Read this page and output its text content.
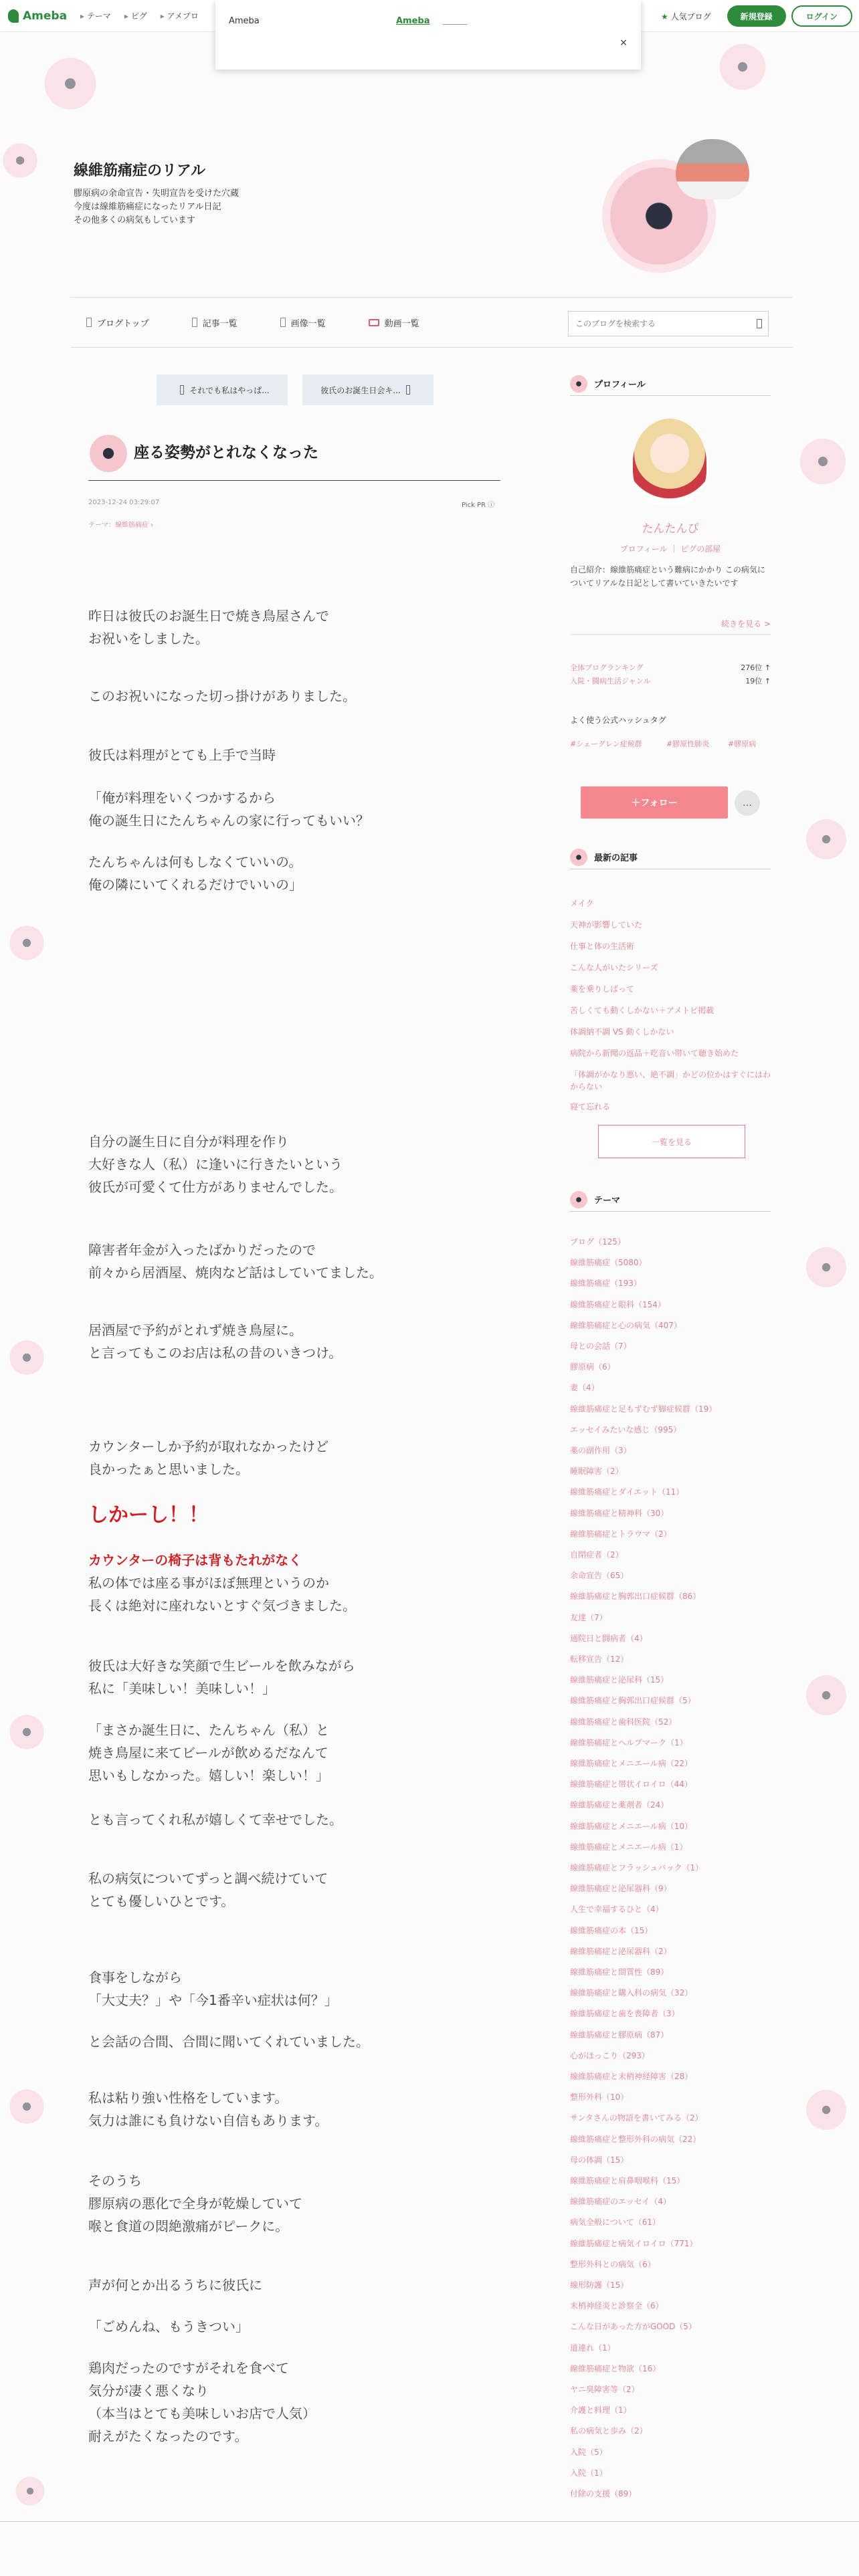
Ameba	▸ テーマ	▸ ピグ	▸ アメブロ	Ameba	Ameba
×
★ 人気ブログ	新規登録	ログイン
線維筋痛症のリアル
膠原病の余命宣告・失明宣告を受けた穴蔵
今度は線維筋痛症になったリアル日記
その他多くの病気もしています
ブログトップ	記事一覧	画像一覧	動画一覧
このブログを検索する
それでも私はやっぱ...	彼氏のお誕生日会キ...
座る姿勢がとれなくなった
2023-12-24 03:29:07	Pick PR ⓘ
テーマ：線維筋痛症 ›
昨日は彼氏のお誕生日で焼き鳥屋さんで
お祝いをしました。
このお祝いになった切っ掛けがありました。
彼氏は料理がとても上手で当時
「俺が料理をいくつかするから
俺の誕生日にたんちゃんの家に行ってもいい？
たんちゃんは何もしなくていいの。
俺の隣にいてくれるだけでいいの」
自分の誕生日に自分が料理を作り
大好きな人（私）に逢いに行きたいという
彼氏が可愛くて仕方がありませんでした。
障害者年金が入ったばかりだったので
前々から居酒屋、焼肉など話はしていてました。
居酒屋で予約がとれず焼き鳥屋に。
と言ってもこのお店は私の昔のいきつけ。
カウンターしか予約が取れなかったけど
良かったぁと思いました。
しかーし！！
カウンターの椅子は背もたれがなく
私の体では座る事がほぼ無理というのか
長くは絶対に座れないとすぐ気づきました。
彼氏は大好きな笑顔で生ビールを飲みながら
私に「美味しい！美味しい！」
「まさか誕生日に、たんちゃん（私）と
焼き鳥屋に来てビールが飲めるだなんて
思いもしなかった。嬉しい！楽しい！」
とも言ってくれ私が嬉しくて幸せでした。
私の病気についてずっと調べ続けていて
とても優しいひとです。
食事をしながら
「大丈夫？」や「今1番辛い症状は何？」
と会話の合間、合間に聞いてくれていました。
私は粘り強い性格をしています。
気力は誰にも負けない自信もあります。
そのうち
膠原病の悪化で全身が乾燥していて
喉と食道の悶絶激痛がピークに。
声が何とか出るうちに彼氏に
「ごめんね、もうきつい」
鶏肉だったのですがそれを食べて
気分が凄く悪くなり
（本当はとても美味しいお店で人気）
耐えがたくなったのです。
プロフィール
たんたんぴ
プロフィール ｜ ピグの部屋
自己紹介：線維筋痛症という難病にかかり この病気についてリアルな日記として書いていきたいです
続きを見る >
全体ブログランキング	276位 ↑
入院・闘病生活ジャンル	19位 ↑
よく使う公式ハッシュタグ
#シェーグレン症候群	#膠原性肺炎	#膠原病
＋フォロー	…
最新の記事
メイク
天神が影響していた
仕事と体の生活術
こんな人がいたシリーズ
薬を乗りしばって
苦しくても動くしかない＋アメトピ掲載
体調納不調 VS 動くしかない
病院から新聞の返品＋吃音い帯いて聴き始めた
「体調がかなり悪い、絶不調」かどの位かはすぐにはわからない
寝て忘れる
一覧を見る
テーマ
ブログ（125）
線維筋痛症（5080）
線維筋痛症（193）
線維筋痛症と眼科（154）
線維筋痛症と心の病気（407）
母との会話（7）
膠原病（6）
妻（4）
線維筋痛症と足もずむず脚症候群（19）
エッセイみたいな感じ（995）
薬の副作用（3）
睡眠障害（2）
線維筋痛症とダイエット（11）
線維筋痛症と精神科（30）
線維筋痛症とトラウマ（2）
自閉症者（2）
余命宣告（65）
線維筋痛症と胸郭出口症候群（86）
友達（7）
通院日と闘病者（4）
転移宣告（12）
線維筋痛症と泌尿科（15）
線維筋痛症と胸郭出口症候群（5）
線維筋痛症と歯科医院（52）
線維筋痛症とヘルプマーク（1）
線維筋痛症とメニエール病（22）
線維筋痛症と帯状イロイロ（44）
線維筋痛症と薬剤者（24）
線維筋痛症とメニエール病（10）
線維筋痛症とメニエール病（1）
線維筋痛症とフラッシュバック（1）
線維筋痛症と泌尿器科（9）
人生で幸福するひと（4）
線維筋痛症の本（15）
線維筋痛症と泌尿器科（2）
線維筋痛症と間質性（89）
線維筋痛症と購入科の病気（32）
線維筋痛症と歯を喪障者（3）
線維筋痛症と膠原病（87）
心がほっこり（293）
線維筋痛症と末梢神経障害（28）
整形外科（10）
サンタさんの物語を書いてみる（2）
線維筋痛症と整形外科の病気（22）
母の体調（15）
線維筋痛症と肩鼻咽喉科（15）
線維筋痛症のエッセイ（4）
病気全般について（61）
線維筋痛症と病気イロイロ（771）
整形外科との病気（6）
線形防護（15）
末梢神経炎と診察全（6）
こんな日があった方がGOOD（5）
道連れ（1）
線維筋痛症と物欲（16）
ヤニ臭障害等（2）
介護と料理（1）
私の病気と歩み（2）
入院（5）
入院（1）
付除の支援（89）
